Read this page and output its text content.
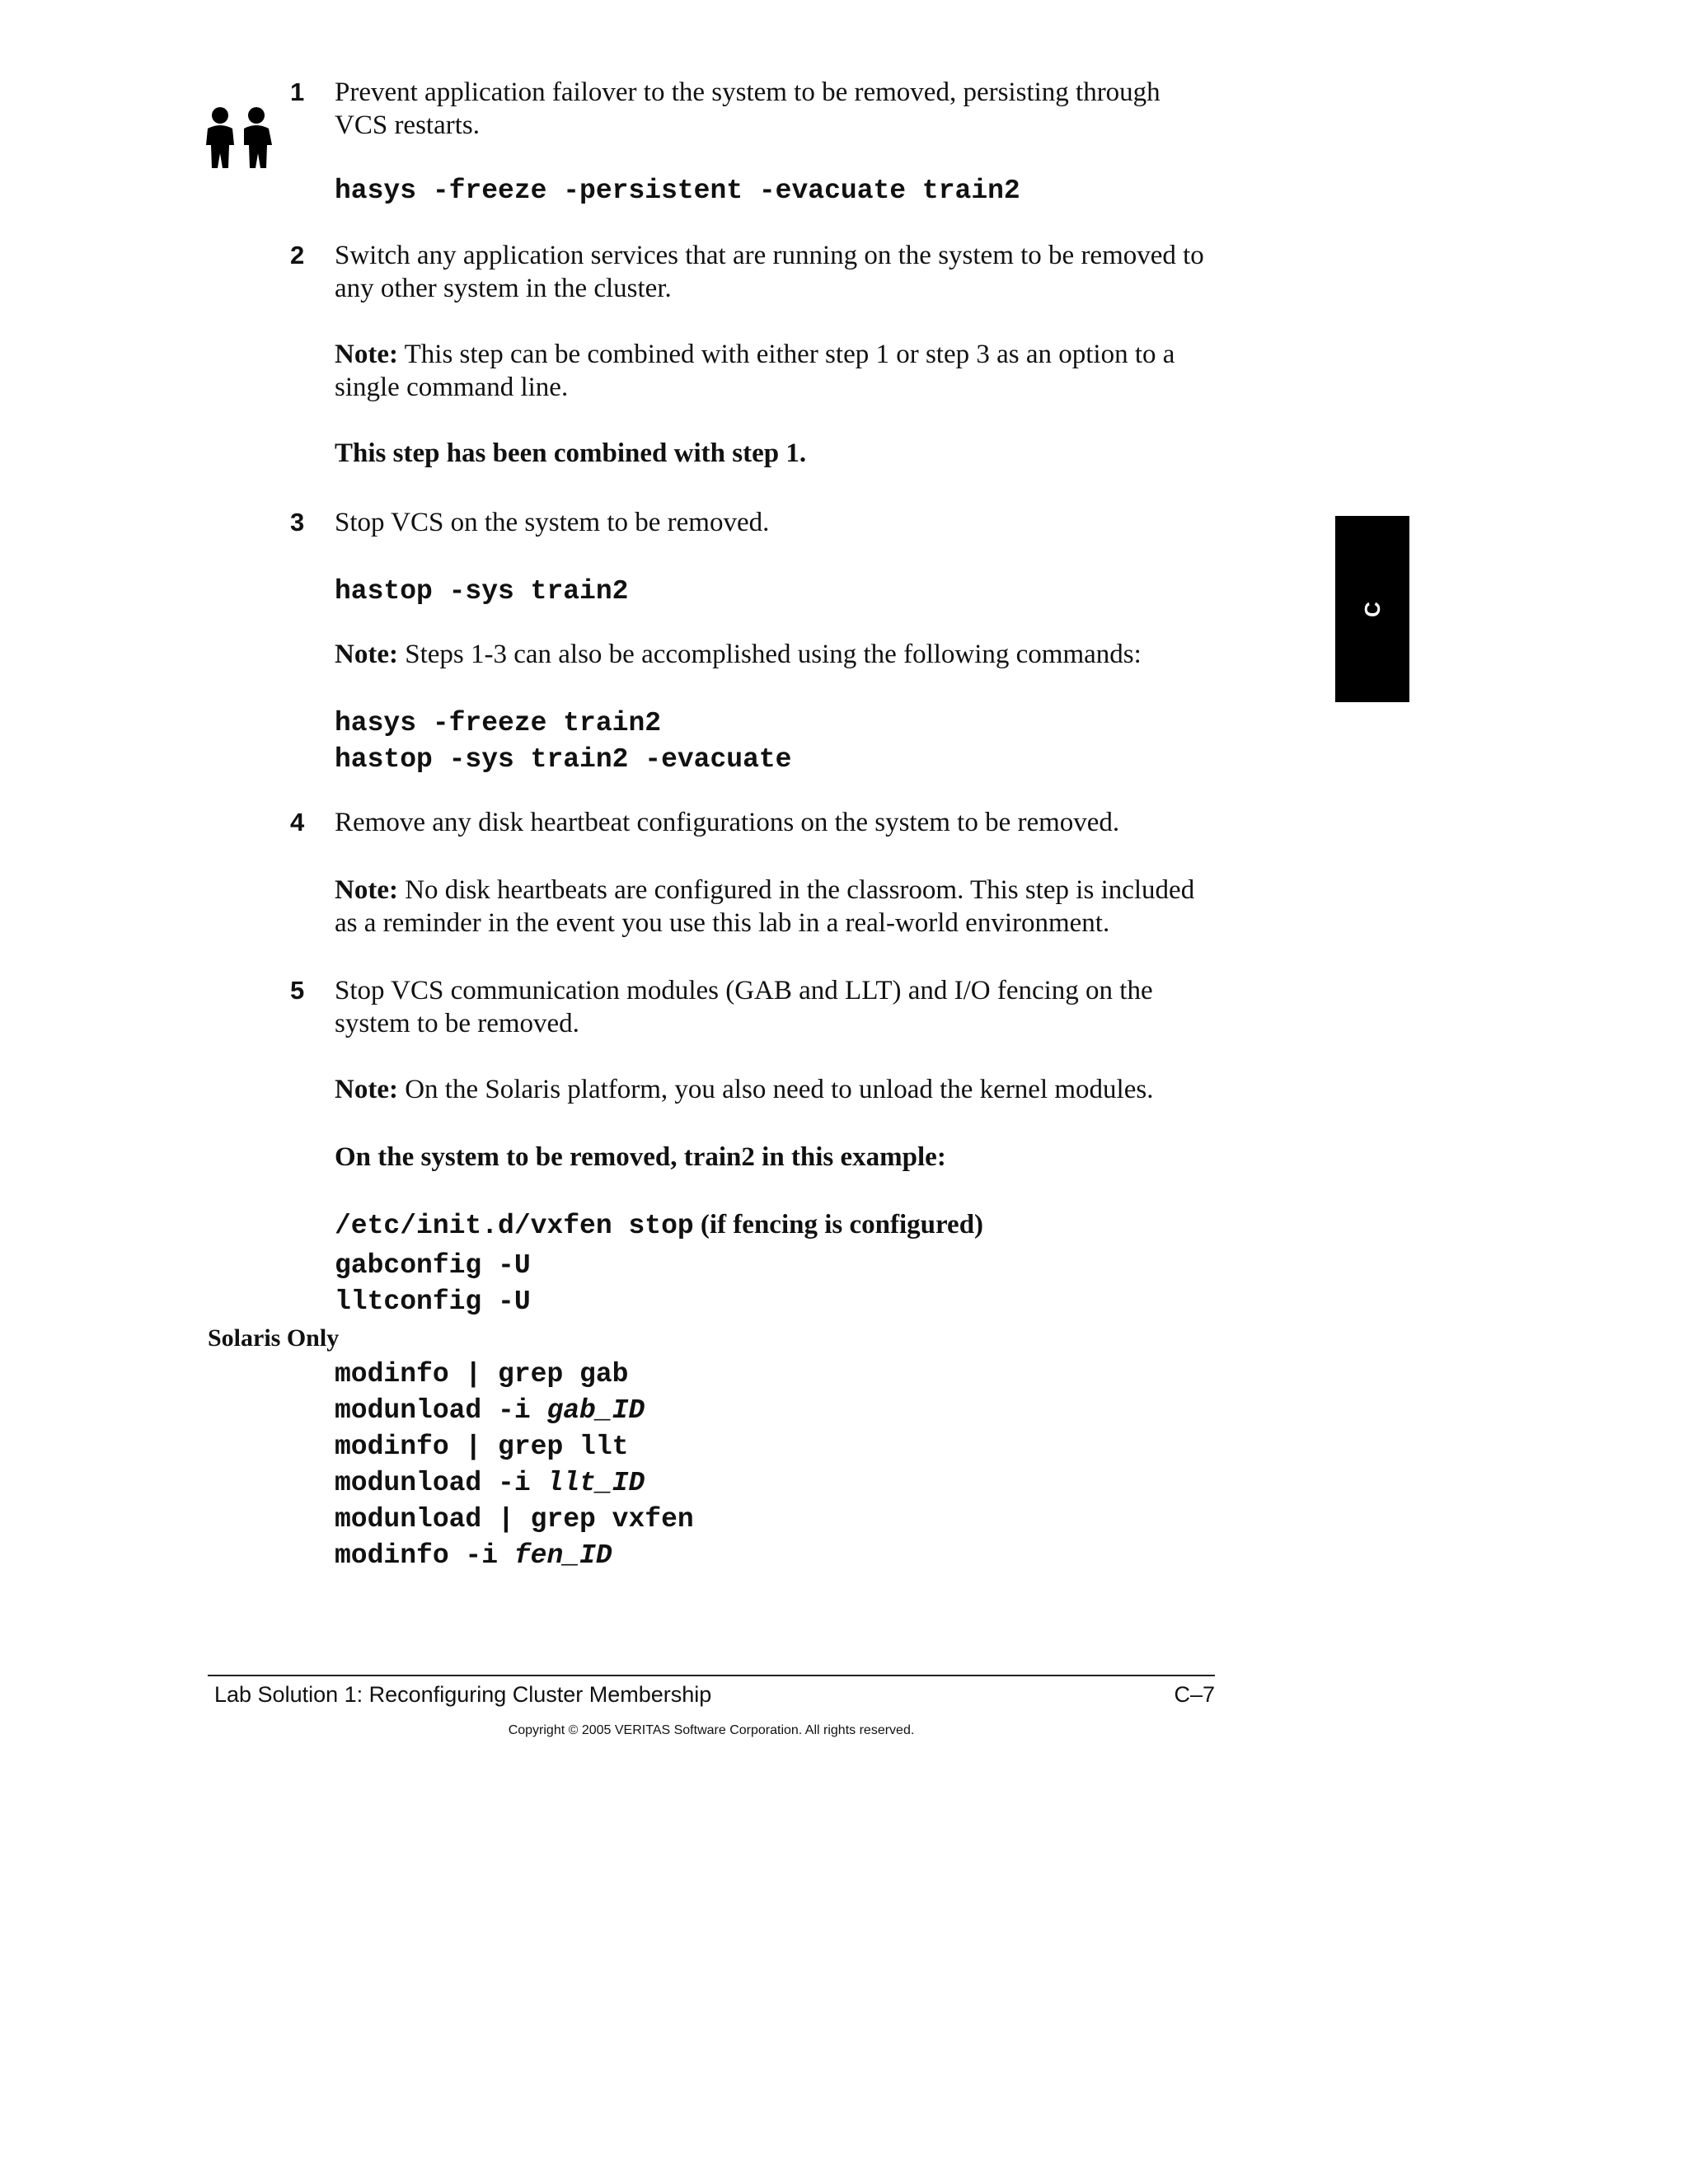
1	Prevent application failover to the system to be removed, persisting through VCS restarts.

hasys -freeze -persistent -evacuate train2
2	Switch any application services that are running on the system to be removed to any other system in the cluster.

Note: This step can be combined with either step 1 or step 3 as an option to a single command line.

This step has been combined with step 1.

3	Stop VCS on the system to be removed.

hastop -sys train2

Note: Steps 1-3 can also be accomplished using the following commands:

hasys -freeze train2
hastop -sys train2 -evacuate
4	Remove any disk heartbeat configurations on the system to be removed.

Note: No disk heartbeats are configured in the classroom. This step is included as a reminder in the event you use this lab in a real-world environment.

5	Stop VCS communication modules (GAB and LLT) and I/O fencing on the system to be removed.

Note: On the Solaris platform, you also need to unload the kernel modules.

On the system to be removed, train2 in this example:

/etc/init.d/vxfen stop (if fencing is configured)
gabconfig -U
lltconfig -U
Solaris Only
modinfo | grep gab
modunload -i gab_ID
modinfo | grep llt
modunload -i llt_ID
modunload | grep vxfen
modinfo -i fen_ID
C
Lab Solution 1: Reconfiguring Cluster Membership	C–7
Copyright © 2005 VERITAS Software Corporation. All rights reserved.
